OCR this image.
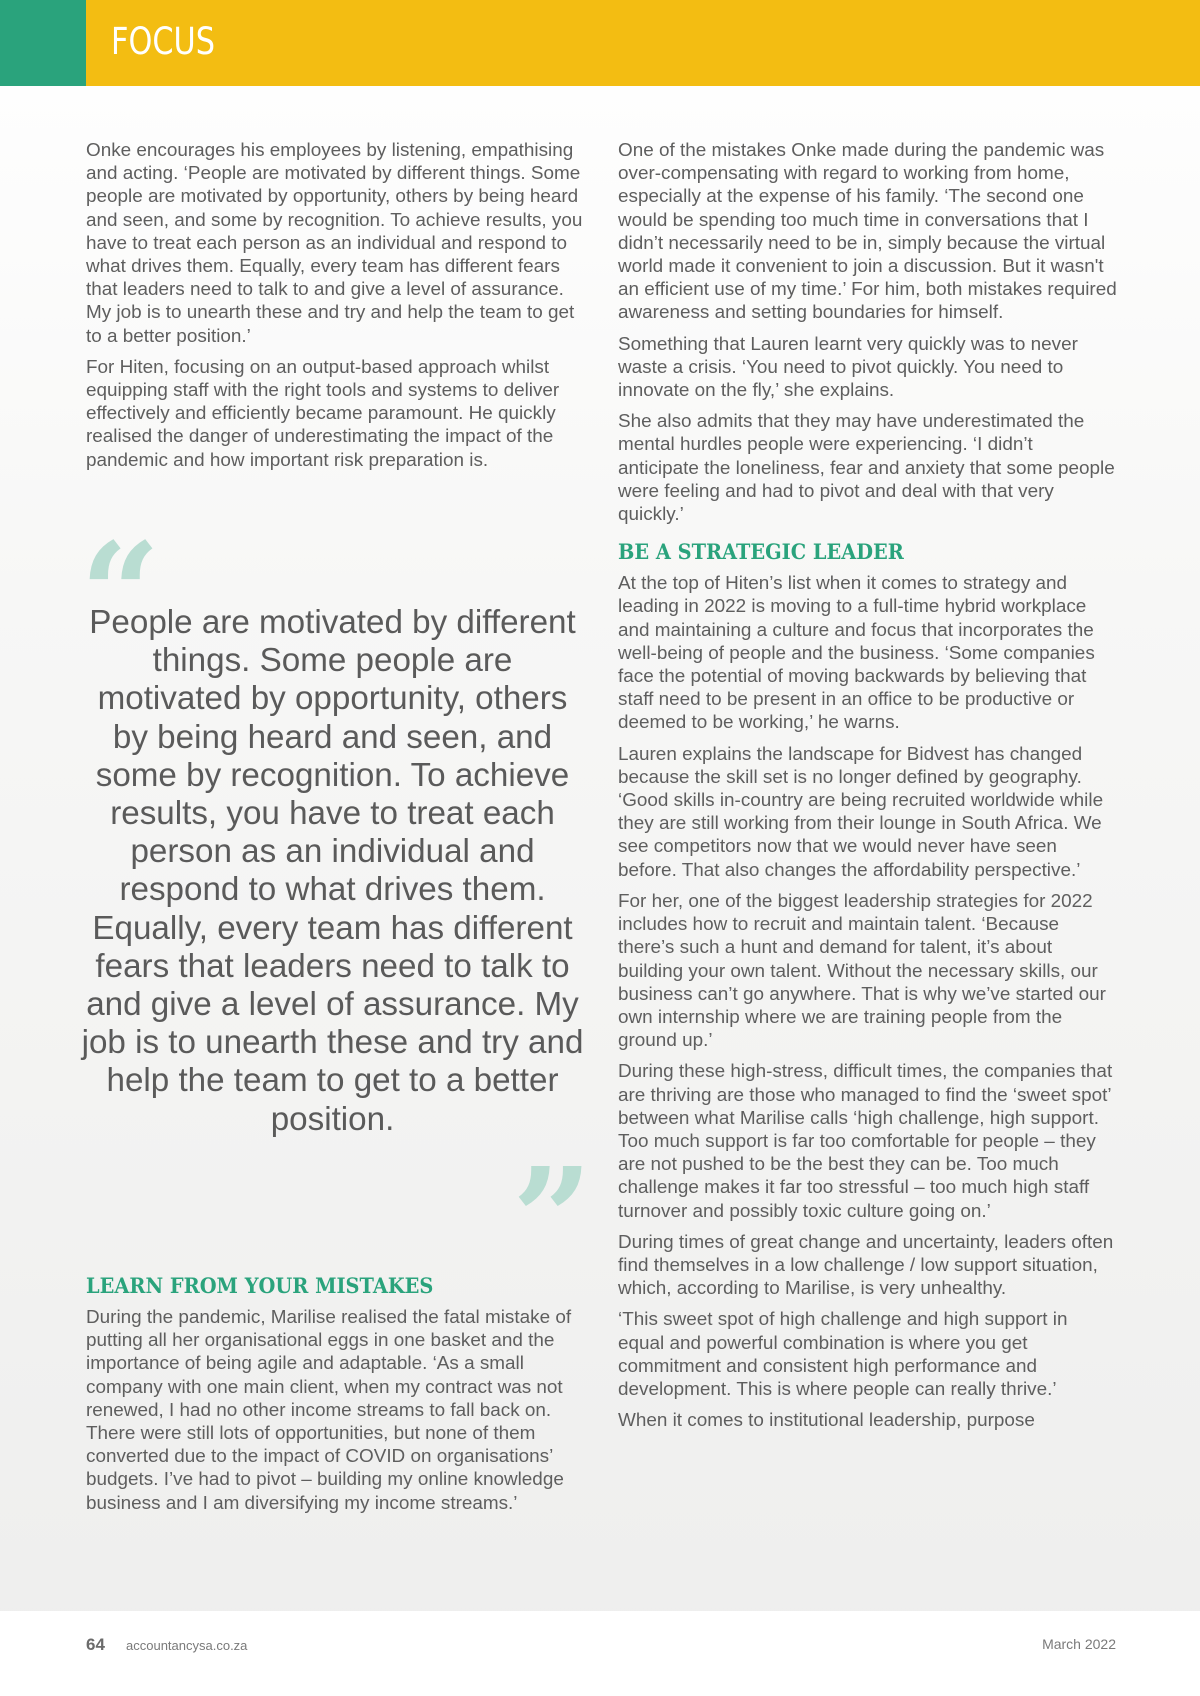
FOCUS

Onke encourages his employees by listening, empathising and acting. ‘People are motivated by different things. Some people are motivated by opportunity, others by being heard and seen, and some by recognition. To achieve results, you have to treat each person as an individual and respond to what drives them. Equally, every team has different fears that leaders need to talk to and give a level of assurance. My job is to unearth these and try and help the team to get to a better position.’

For Hiten, focusing on an output-based approach whilst equipping staff with the right tools and systems to deliver effectively and efficiently became paramount. He quickly realised the danger of underestimating the impact of the pandemic and how important risk preparation is.

“

People are motivated by different things. Some people are motivated by opportunity, others by being heard and seen, and some by recognition. To achieve results, you have to treat each person as an individual and respond to what drives them. Equally, every team has different fears that leaders need to talk to and give a level of assurance. My job is to unearth these and try and help the team to get to a better position.

”
LEARN FROM YOUR MISTAKES

During the pandemic, Marilise realised the fatal mistake of putting all her organisational eggs in one basket and the importance of being agile and adaptable. ‘As a small company with one main client, when my contract was not renewed, I had no other income streams to fall back on. There were still lots of opportunities, but none of them converted due to the impact of COVID on organisations’ budgets. I’ve had to pivot – building my online knowledge business and I am diversifying my income streams.’

One of the mistakes Onke made during the pandemic was over-compensating with regard to working from home, especially at the expense of his family. ‘The second one would be spending too much time in conversations that I didn’t necessarily need to be in, simply because the virtual world made it convenient to join a discussion. But it wasn't an efficient use of my time.’ For him, both mistakes required awareness and setting boundaries for himself.

Something that Lauren learnt very quickly was to never waste a crisis. ‘You need to pivot quickly. You need to innovate on the fly,’ she explains.

She also admits that they may have underestimated the mental hurdles people were experiencing. ‘I didn’t anticipate the loneliness, fear and anxiety that some people were feeling and had to pivot and deal with that very quickly.’

BE A STRATEGIC LEADER

At the top of Hiten’s list when it comes to strategy and leading in 2022 is moving to a full-time hybrid workplace and maintaining a culture and focus that incorporates the well-being of people and the business. ‘Some companies face the potential of moving backwards by believing that staff need to be present in an office to be productive or deemed to be working,’ he warns.

Lauren explains the landscape for Bidvest has changed because the skill set is no longer defined by geography. ‘Good skills in-country are being recruited worldwide while they are still working from their lounge in South Africa. We see competitors now that we would never have seen before. That also changes the affordability perspective.’

For her, one of the biggest leadership strategies for 2022 includes how to recruit and maintain talent. ‘Because there’s such a hunt and demand for talent, it’s about building your own talent. Without the necessary skills, our business can’t go anywhere. That is why we’ve started our own internship where we are training people from the ground up.’

During these high-stress, difficult times, the companies that are thriving are those who managed to find the ‘sweet spot’ between what Marilise calls ‘high challenge, high support. Too much support is far too comfortable for people – they are not pushed to be the best they can be. Too much challenge makes it far too stressful – too much high staff turnover and possibly toxic culture going on.’

During times of great change and uncertainty, leaders often find themselves in a low challenge / low support situation, which, according to Marilise, is very unhealthy.

‘This sweet spot of high challenge and high support in equal and powerful combination is where you get commitment and consistent high performance and development. This is where people can really thrive.’

When it comes to institutional leadership, purpose

64 accountancysa.co.za	March 2022
